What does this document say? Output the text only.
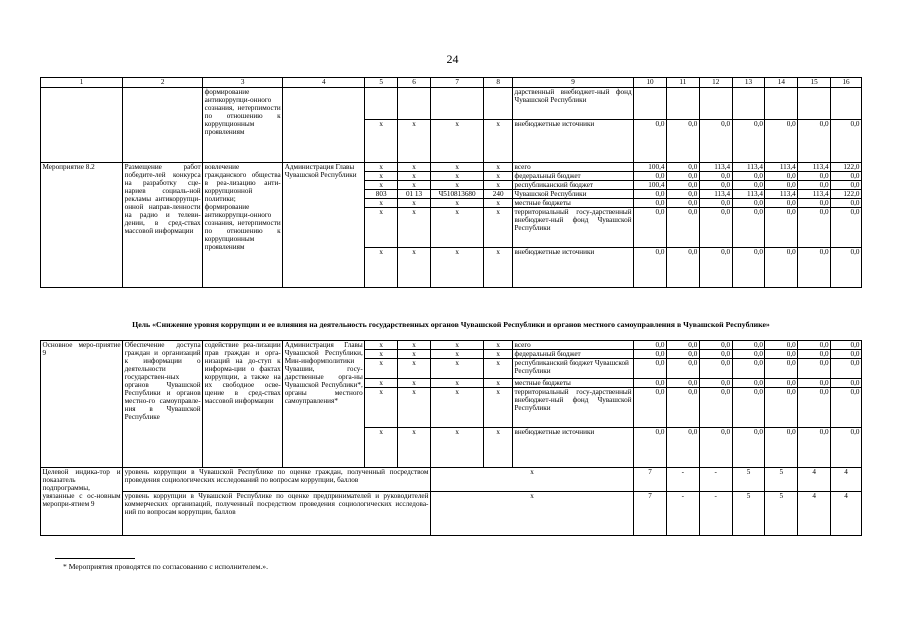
24
1	2	3	4	5	6	7	8	9	10	11	12	13	14	15	16
		формирование антикоррупци-онного сознания, нетерпимости по отношению к коррупционным проявлениям						дарственный внебюджет-ный фонд Чувашской Республики							
				x	x	x	x	внебюджетные источники	0,0	0,0	0,0	0,0	0,0	0,0	0,0
Мероприятие 8.2	Размещение работ победите-лей конкурса на разработку сце-нариев социаль-ной рекламы антикоррупци-онной направ-ленности на радио и телеви-дении, в сред-ствах массовой информации	вовлечение гражданского общества в реа-лизацию анти-коррупционной политики; формирование антикоррупци-онного сознания, нетерпимости по отношению к коррупционным проявлениям	Администрация Главы Чувашской Республики	x	x	x	x	всего	100,4	0,0	113,4	113,4	113,4	113,4	122,0
				x	x	x	x	федеральный бюджет	0,0	0,0	0,0	0,0	0,0	0,0	0,0
				x	x	x	x	республиканский бюджет	100,4	0,0	0,0	0,0	0,0	0,0	0,0
				803	01 13	Ч510813680	240	Чувашской Республики	0,0	0,0	113,4	113,4	113,4	113,4	122,0
				x	x	x	x	местные бюджеты	0,0	0,0	0,0	0,0	0,0	0,0	0,0
				x	x	x	x	территориальный госу-дарственный внебюджет-ный фонд Чувашской Республики	0,0	0,0	0,0	0,0	0,0	0,0	0,0
				x	x	x	x	внебюджетные источники	0,0	0,0	0,0	0,0	0,0	0,0	0,0
Цель «Снижение уровня коррупции и ее влияния на деятельность государственных органов Чувашской Республики и органов местного самоуправления в Чувашской Республике»
Основное меро-приятие 9	Обеспечение доступа граждан и организаций к информации о деятельности государствен-ных органов Чувашской Республики и органов местно-го самоуправле-ния в Чувашской Республике	содействие реа-лизации прав граждан и орга-низаций на до-ступ к информа-ции о фактах коррупции, а также на их свободное осве-щение в сред-ствах массовой информации	Администрация Главы Чувашской Республики, Мин-информполитики Чувашии, госу-дарственные орга-ны Чувашской Республики*, органы местного самоуправления*	x	x	x	x	всего	0,0	0,0	0,0	0,0	0,0	0,0	0,0
				x	x	x	x	федеральный бюджет	0,0	0,0	0,0	0,0	0,0	0,0	0,0
				x	x	x	x	республиканский бюджет Чувашской Республики	0,0	0,0	0,0	0,0	0,0	0,0	0,0
				x	x	x	x	местные бюджеты	0,0	0,0	0,0	0,0	0,0	0,0	0,0
				x	x	x	x	территориальный госу-дарственный внебюджет-ный фонд Чувашской Республики	0,0	0,0	0,0	0,0	0,0	0,0	0,0
				x	x	x	x	внебюджетные источники	0,0	0,0	0,0	0,0	0,0	0,0	0,0
Целевой индика-тор и показатель подпрограммы, увязанные с ос-новным меропри-ятием 9	уровень коррупции в Чувашской Республике по оценке граждан, полученный посредством проведения социологических исследований по вопросам коррупции, баллов					x			7	-	-	5	5	4	4
	уровень коррупции в Чувашской Республике по оценке предпринимателей и руководителей коммерческих организаций, полученный посредством проведения социологических исследова-ний по вопросам коррупции, баллов					x			7	-	-	5	5	4	4
* Мероприятия проводятся по согласованию с исполнителем.».
